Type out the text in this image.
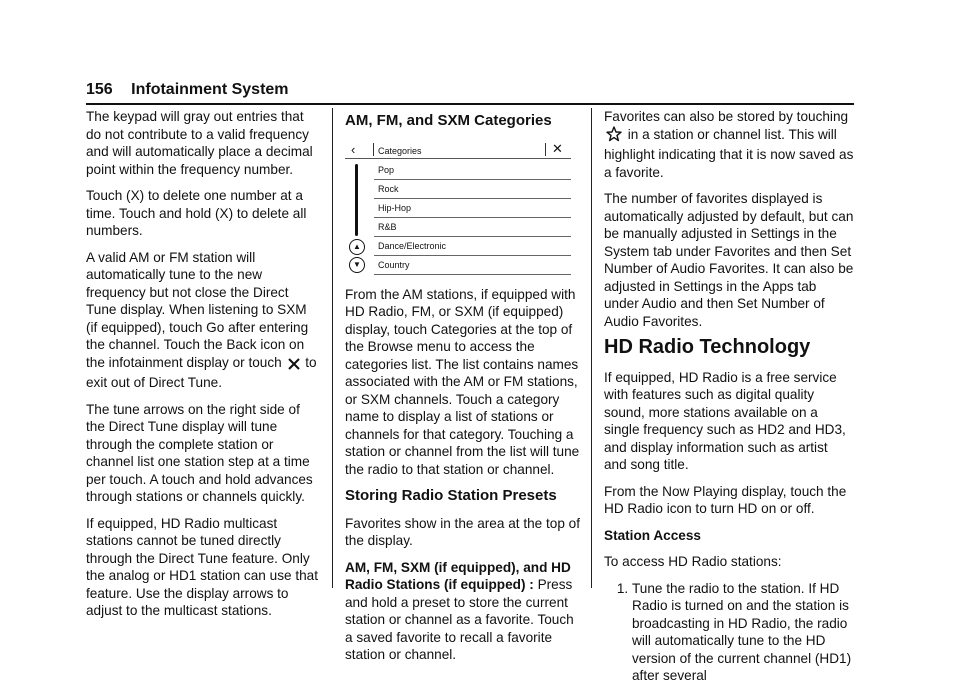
156 Infotainment System

The keypad will gray out entries that do not contribute to a valid frequency and will automatically place a decimal point within the frequency number.

Touch (X) to delete one number at a time. Touch and hold (X) to delete all numbers.

A valid AM or FM station will automatically tune to the new frequency but not close the Direct Tune display. When listening to SXM (if equipped), touch Go after entering the channel. Touch the Back icon on the infotainment display or touch to exit out of Direct Tune.

The tune arrows on the right side of the Direct Tune display will tune through the complete station or channel list one station step at a time per touch. A touch and hold advances through stations or channels quickly.

If equipped, HD Radio multicast stations cannot be tuned directly through the Direct Tune feature. Only the analog or HD1 station can use that feature. Use the display arrows to adjust to the multicast stations.

AM, FM, and SXM Categories
‹	Categories	✕
▲
▼
Pop
Rock
Hip-Hop
R&B
Dance/Electronic
Country

From the AM stations, if equipped with HD Radio, FM, or SXM (if equipped) display, touch Categories at the top of the Browse menu to access the categories list. The list contains names associated with the AM or FM stations, or SXM channels. Touch a category name to display a list of stations or channels for that category. Touching a station or channel from the list will tune the radio to that station or channel.

Storing Radio Station Presets

Favorites show in the area at the top of the display.

AM, FM, SXM (if equipped), and HD Radio Stations (if equipped) : Press and hold a preset to store the current station or channel as a favorite. Touch a saved favorite to recall a favorite station or channel.

Favorites can also be stored by touching  in a station or channel list. This will highlight indicating that it is now saved as a favorite.

The number of favorites displayed is automatically adjusted by default, but can be manually adjusted in Settings in the System tab under Favorites and then Set Number of Audio Favorites. It can also be adjusted in Settings in the Apps tab under Audio and then Set Number of Audio Favorites.

HD Radio Technology

If equipped, HD Radio is a free service with features such as digital quality sound, more stations available on a single frequency such as HD2 and HD3, and display information such as artist and song title.

From the Now Playing display, touch the HD Radio icon to turn HD on or off.

Station Access

To access HD Radio stations:

1. Tune the radio to the station. If HD Radio is turned on and the station is broadcasting in HD Radio, the radio will automatically tune to the HD version of the current channel (HD1) after several
